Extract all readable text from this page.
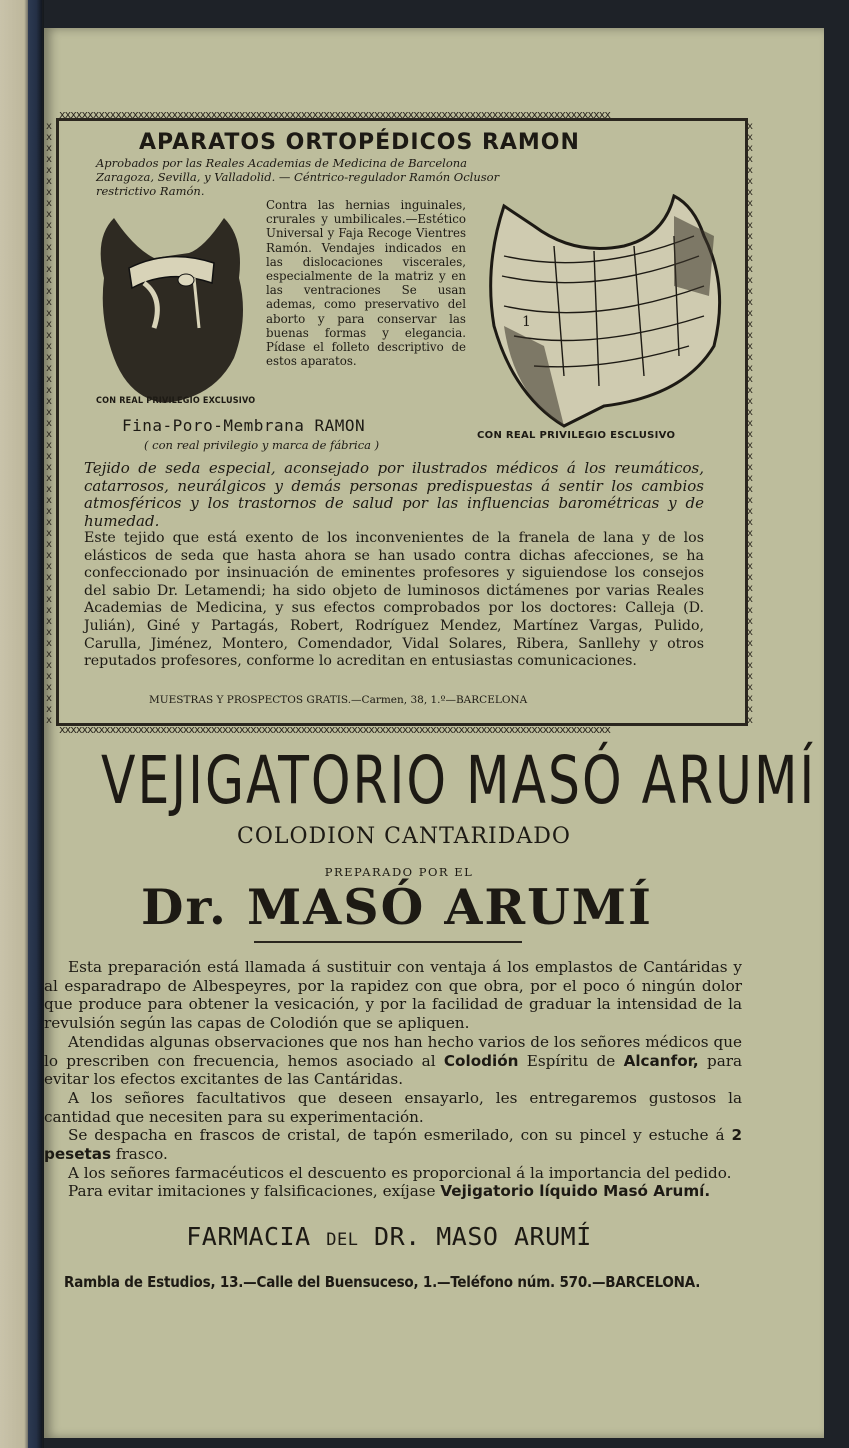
xxxxxxxxxxxxxxxxxxxxxxxxxxxxxxxxxxxxxxxxxxxxxxxxxxxxxxxxxxxxxxxxxxxxxxxxxxxxxxxxxxxxxxxxxxxxxxxxxx
xxxxxxxxxxxxxxxxxxxxxxxxxxxxxxxxxxxxxxxxxxxxxxxxxxxxxxxxxxxxxxxxxxxxxxxxxxxxxxxxxxxxxxxxxxxxxxxxxx
xxxxxxxxxxxxxxxxxxxxxxxxxxxxxxxxxxxxxxxxxxxxxxxxxxxxxxx
xxxxxxxxxxxxxxxxxxxxxxxxxxxxxxxxxxxxxxxxxxxxxxxxxxxxxxx
APARATOS ORTOPÉDICOS RAMON
Aprobados por las Reales Academias de Medicina de Barcelona Zaragoza, Sevilla, y Valladolid. — Céntrico-regulador Ramón Oclusor restrictivo Ramón.
Contra las hernias inguinales, crurales y umbilicales.—Estético Universal y Faja Recoge Vientres Ramón. Vendajes indicados en las dislocaciones viscerales, especialmente de la matriz y en las ventraciones Se usan ademas, como preservativo del aborto y para conservar las buenas formas y elegancia. Pídase el folleto descriptivo de estos aparatos.
1
CON REAL PRIVILEGIO EXCLUSIVO
CON REAL PRIVILEGIO ESCLUSIVO
Fina-Poro-Membrana RAMON
( con real privilegio y marca de fábrica )
Tejido de seda especial, aconsejado por ilustrados médicos á los reumáticos, catarrosos, neurálgicos y demás personas predispuestas á sentir los cambios atmosféricos y los trastornos de salud por las influencias barométricas y de humedad.
Este tejido que está exento de los inconvenientes de la franela de lana y de los elásticos de seda que hasta ahora se han usado contra dichas afecciones, se ha confeccionado por insinuación de eminentes profesores y siguiendose los consejos del sabio Dr. Letamendi; ha sido objeto de luminosos dictámenes por varias Reales Academias de Medicina, y sus efectos comprobados por los doctores: Calleja (D. Julián), Giné y Partagás, Robert, Rodríguez Mendez, Martínez Vargas, Pulido, Carulla, Jiménez, Montero, Comendador, Vidal Solares, Ribera, Sanllehy y otros reputados profesores, conforme lo acreditan en entusiastas comunicaciones.
MUESTRAS Y PROSPECTOS GRATIS.—Carmen, 38, 1.º—BARCELONA
VEJIGATORIO MASÓ ARUMÍ
COLODION CANTARIDADO
PREPARADO POR EL
Dr. MASÓ ARUMÍ

Esta preparación está llamada á sustituir con ventaja á los emplastos de Cantáridas y al esparadrapo de Albespeyres, por la rapidez con que obra, por el poco ó ningún dolor que produce para obtener la vesicación, y por la facilidad de graduar la intensidad de la revulsión según las capas de Colodión que se apliquen.

Atendidas algunas observaciones que nos han hecho varios de los señores médicos que lo prescriben con frecuencia, hemos asociado al Colodión Espíritu de Alcanfor, para evitar los efectos excitantes de las Cantáridas.

A los señores facultativos que deseen ensayarlo, les entregaremos gustosos la cantidad que necesiten para su experimentación.

Se despacha en frascos de cristal, de tapón esmerilado, con su pincel y estuche á 2 pesetas frasco.

A los señores farmacéuticos el descuento es proporcional á la importancia del pedido.

Para evitar imitaciones y falsificaciones, exíjase Vejigatorio líquido Masó Arumí.

FARMACIA DEL DR. MASO ARUMÍ
Rambla de Estudios, 13.—Calle del Buensuceso, 1.—Teléfono núm. 570.—BARCELONA.
